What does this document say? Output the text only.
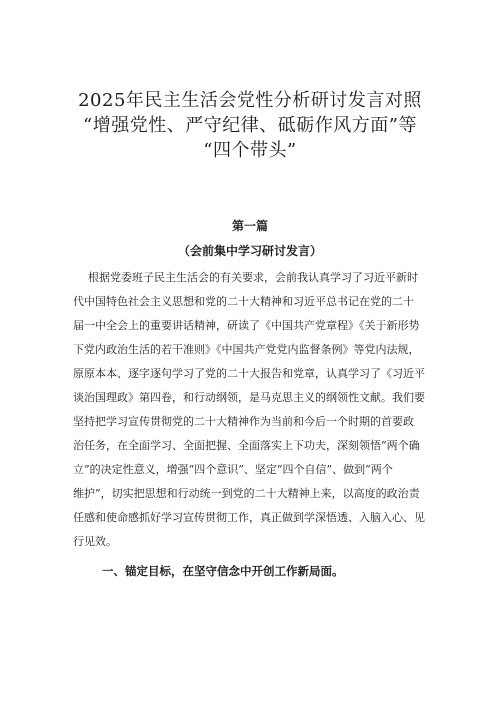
2025年民主生活会党性分析研讨发言对照
“增强党性、严守纪律、砥砺作风方面”等
“四个带头”
第一篇
（会前集中学习研讨发言）
根据党委班子民主生活会的有关要求，会前我认真学习了习近平新时
代中国特色社会主义思想和党的二十大精神和习近平总书记在党的二十
届一中全会上的重要讲话精神，研读了《中国共产党章程》《关于新形势
下党内政治生活的若干准则》《中国共产党党内监督条例》等党内法规，
原原本本、逐字逐句学习了党的二十大报告和党章，认真学习了《习近平
谈治国理政》第四卷，和行动纲领，是马克思主义的纲领性文献。我们要
坚持把学习宣传贯彻党的二十大精神作为当前和今后一个时期的首要政
治任务，在全面学习、全面把握、全面落实上下功夫，深刻领悟“两个确
立”的决定性意义，增强“四个意识”、坚定“四个自信”、做到“两个
维护”，切实把思想和行动统一到党的二十大精神上来，以高度的政治责
任感和使命感抓好学习宣传贯彻工作，真正做到学深悟透、入脑入心、见
行见效。
一、锚定目标，在坚守信念中开创工作新局面。
